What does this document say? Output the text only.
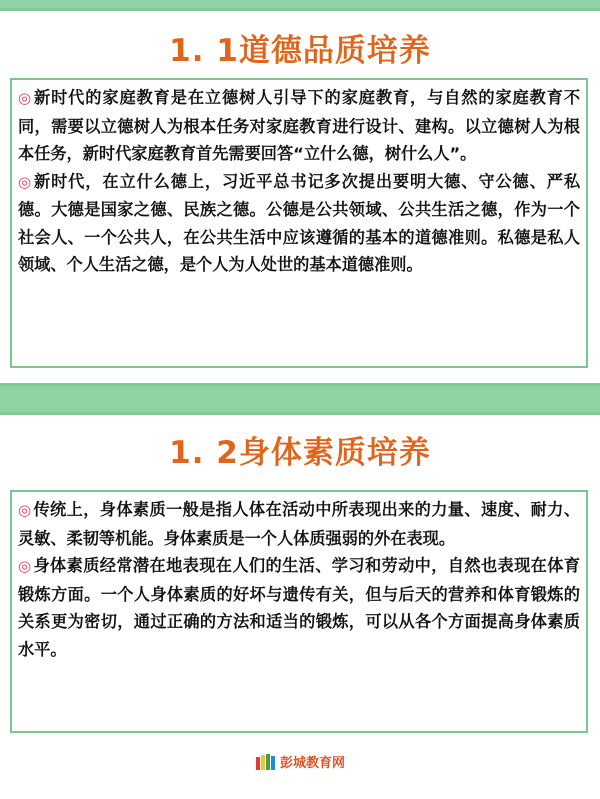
1. 1道德品质培养

◎ 新时代的家庭教育是在立德树人引导下的家庭教育，与自然的家庭教育不同，需要以立德树人为根本任务对家庭教育进行设计、建构。以立德树人为根本任务，新时代家庭教育首先需要回答“立什么德，树什么人”。

◎ 新时代，在立什么德上，习近平总书记多次提出要明大德、守公德、严私德。大德是国家之德、民族之德。公德是公共领域、公共生活之德，作为一个社会人、一个公共人，在公共生活中应该遵循的基本的道德准则。私德是私人领域、个人生活之德，是个人为人处世的基本道德准则。

1. 2身体素质培养

◎ 传统上，身体素质一般是指人体在活动中所表现出来的力量、速度、耐力、灵敏、柔韧等机能。身体素质是一个人体质强弱的外在表现。

◎ 身体素质经常潜在地表现在人们的生活、学习和劳动中，自然也表现在体育锻炼方面。一个人身体素质的好坏与遗传有关，但与后天的营养和体育锻炼的关系更为密切，通过正确的方法和适当的锻炼，可以从各个方面提高身体素质水平。

彭城教育网
